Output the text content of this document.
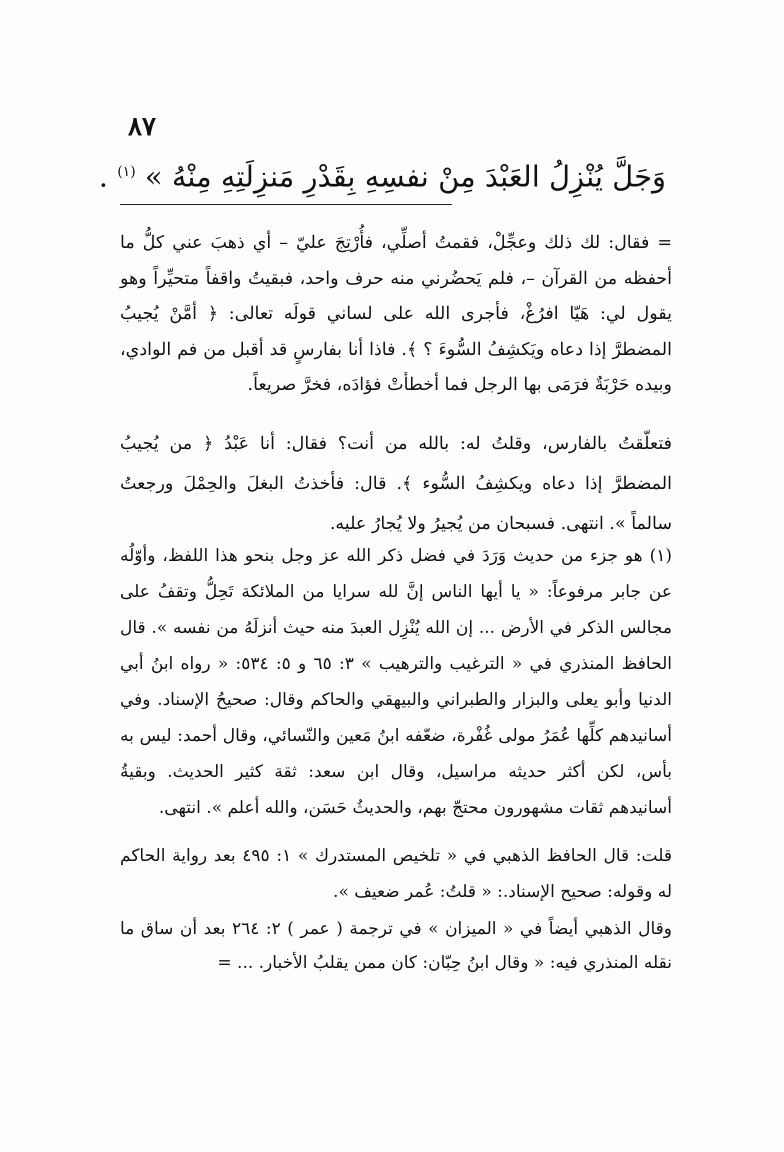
٨٧
وَجَلَّ يُنْزِلُ العَبْدَ مِنْ نفسِهِ بِقَدْرِ مَنزِلَتِهِ مِنْهُ » $^{(١)}$ .

= فقال: لك ذلك وعجِّلْ، فقمتُ أصلِّي، فأُرْتِجَ عليّ – أي ذهبَ عني كلُّ ما أحفظه من القرآن –، فلم يَحضُرني منه حرف واحد، فبقيتُ واقفاً متحيِّراً وهو يقول لي: هَيّا افرُغْ، فأجرى الله على لساني قولَه تعالى: ﴿ أمَّنْ يُجيبُ المضطرَّ إذا دعاه ويَكشِفُ السُّوءَ ؟ ﴾. فاذا أنا بفارسٍ قد أقبل من فم الوادي، وبيده حَرْبَةٌ فرَمَى بها الرجل فما أخطأتْ فؤادَه، فخرَّ صريعاً.

فتعلّقتُ بالفارس، وقلتُ له: بالله من أنت؟ فقال: أنا عَبْدُ ﴿ من يُجيبُ المضطرَّ إذا دعاه ويكشِفُ السُّوء ﴾. قال: فأخذتُ البغلَ والحِمْلَ ورجعتُ سالماً ». انتهى. فسبحان من يُجيرُ ولا يُجارُ عليه.

(١) هو جزء من حديث وَرَدَ في فضل ذكر الله عز وجل بنحو هذا اللفظ، وأوّلُه عن جابر مرفوعاً: « يا أيها الناس إنَّ لله سرايا من الملائكة تَحِلُّ وتقفُ على مجالس الذكر في الأرض ... إن الله يُنْزِل العبدَ منه حيث أنزلَهُ من نفسه ». قال الحافظ المنذري في « الترغيب والترهيب » ٣: ٦٥ و ٥: ٥٣٤: « رواه ابنُ أبي الدنيا وأبو يعلى والبزار والطبراني والبيهقي والحاكم وقال: صحيحُ الإسناد. وفي أسانيدهم كلِّها عُمَرُ مولى غُفْرة، ضعّفه ابنُ مَعين والنّسائي، وقال أحمد: ليس به بأس، لكن أكثر حديثه مراسيل، وقال ابن سعد: ثقة كثير الحديث. وبقيةُ أسانيدهم ثقات مشهورون محتجّ بهم، والحديثُ حَسَن، والله أعلم ». انتهى.

قلت: قال الحافظ الذهبي في « تلخيص المستدرك » ١: ٤٩٥ بعد رواية الحاكم له وقوله: صحيح الإسناد.: « قلتُ: عُمر ضعيف ».

وقال الذهبي أيضاً في « الميزان » في ترجمة ( عمر ) ٢: ٢٦٤ بعد أن ساق ما نقله المنذري فيه: « وقال ابنُ حِبّان: كان ممن يقلبُ الأخبار. ... =
